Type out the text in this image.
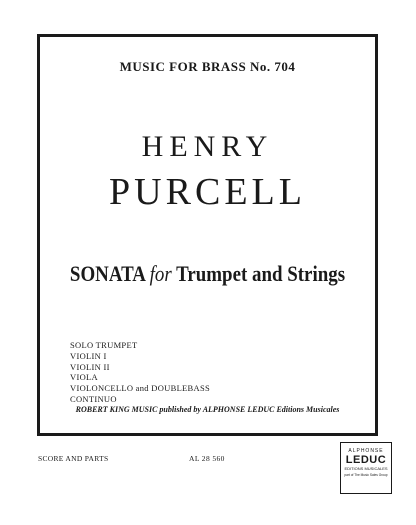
MUSIC FOR BRASS No. 704
HENRY
PURCELL
SONATA for Trumpet and Strings
SOLO TRUMPET
VIOLIN I
VIOLIN II
VIOLA
VIOLONCELLO and DOUBLEBASS
CONTINUO
ROBERT KING MUSIC published by ALPHONSE LEDUC Editions Musicales
SCORE AND PARTS	AL 28 560
ALPHONSE
LEDUC
EDITIONS MUSICALES
part of The Music Sales Group
